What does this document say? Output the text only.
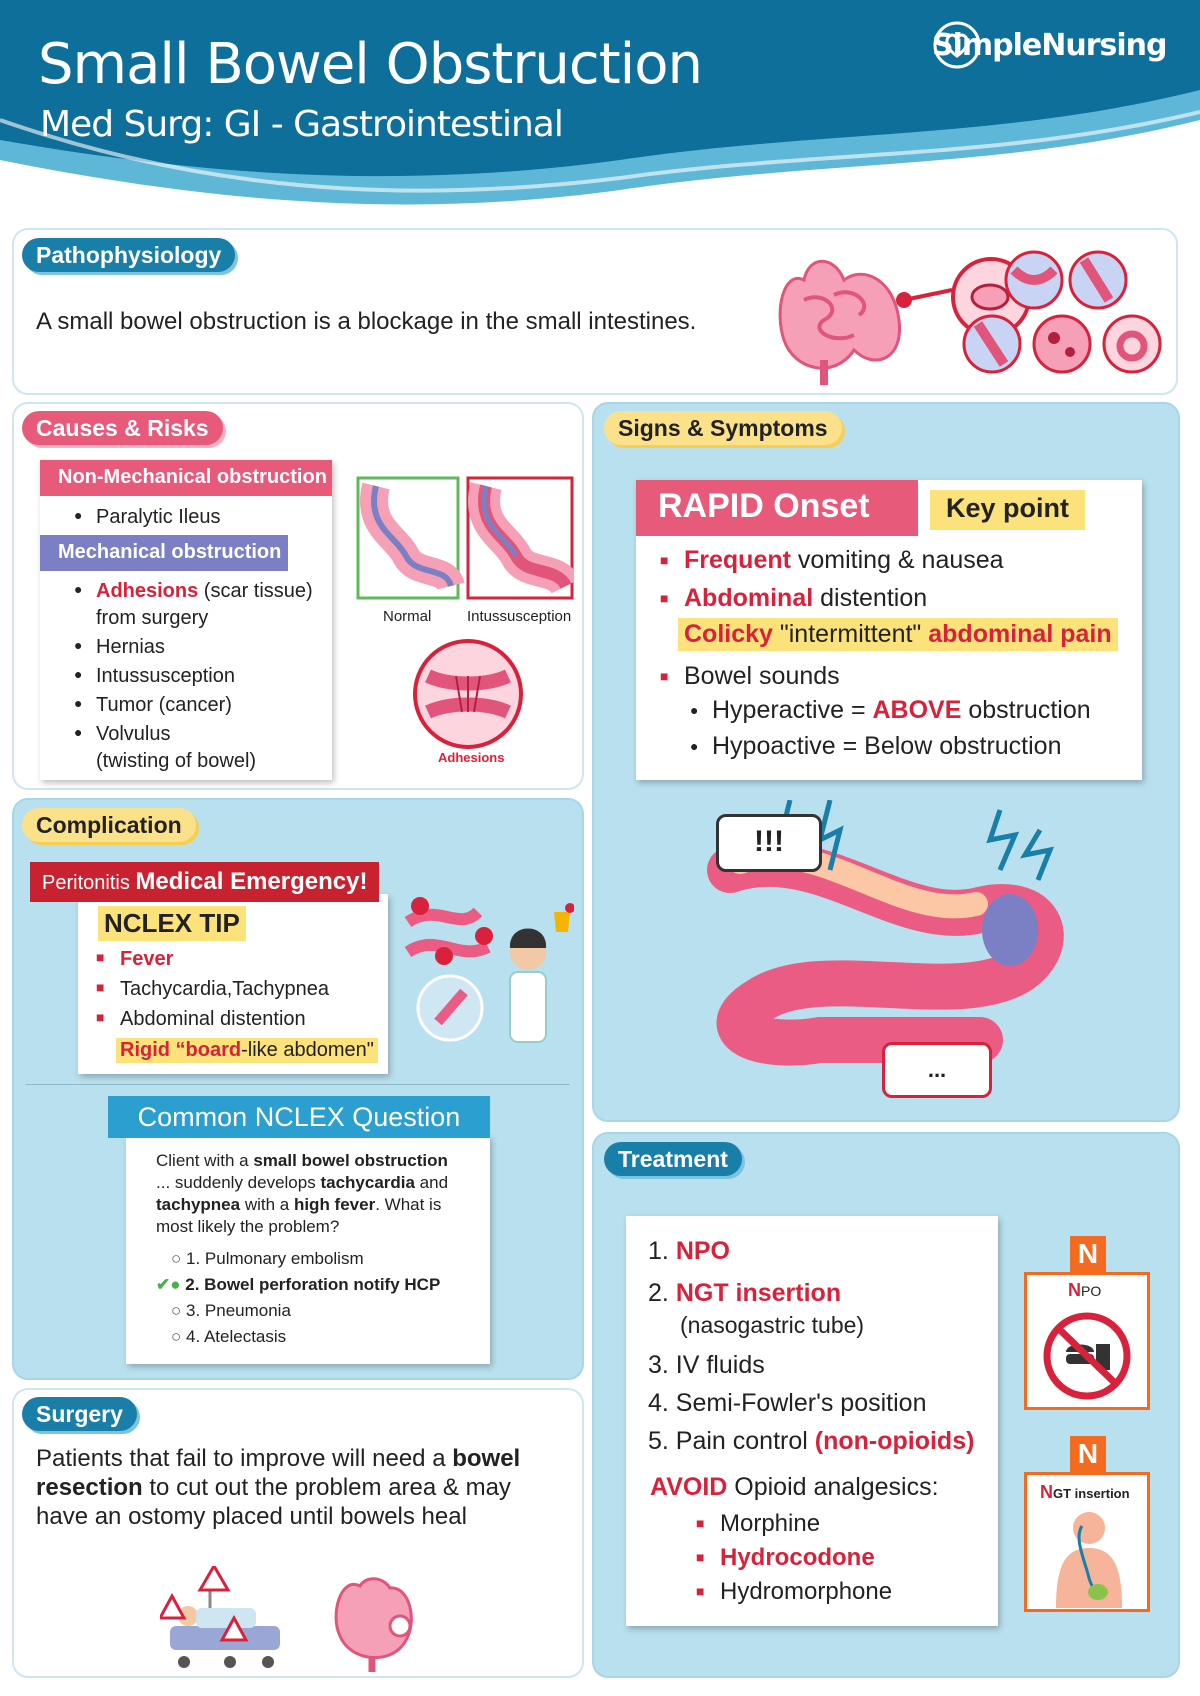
Small Bowel Obstruction
Med Surg: GI - Gastrointestinal
SimpleNursing
Pathophysiology
A small bowel obstruction is a blockage in the small intestines.
Causes & Risks
Non-Mechanical obstruction
● Paralytic Ileus
Mechanical obstruction
● Adhesions (scar tissue)
from surgery
● Hernias
● Intussusception
● Tumor (cancer)
● Volvulus
(twisting of bowel)
Normal Intussusception
Adhesions
Signs & Symptoms
RAPID Onset	Key point
■ Frequent vomiting & nausea
■ Abdominal distention
Colicky "intermittent" abdominal pain
■ Bowel sounds
● Hyperactive = ABOVE obstruction
● Hypoactive = Below obstruction
!!!
...
Complication
Peritonitis Medical Emergency!
NCLEX TIP
■ Fever
■ Tachycardia,Tachypnea
■ Abdominal distention
Rigid “board-like abdomen"
Common NCLEX Question
Client with a small bowel obstruction
... suddenly develops tachycardia and
tachypnea with a high fever. What is
most likely the problem?
○ 1. Pulmonary embolism
✔● 2. Bowel perforation notify HCP
○ 3. Pneumonia
○ 4. Atelectasis
Surgery
Patients that fail to improve will need a bowel
resection to cut out the problem area & may
have an ostomy placed until bowels heal
Treatment
1. NPO
2. NGT insertion
(nasogastric tube)
3. IV fluids
4. Semi-Fowler's position
5. Pain control (non-opioids)
AVOID Opioid analgesics:
■ Morphine
■ Hydrocodone
■ Hydromorphone
N
NPO
N
NGT insertion
